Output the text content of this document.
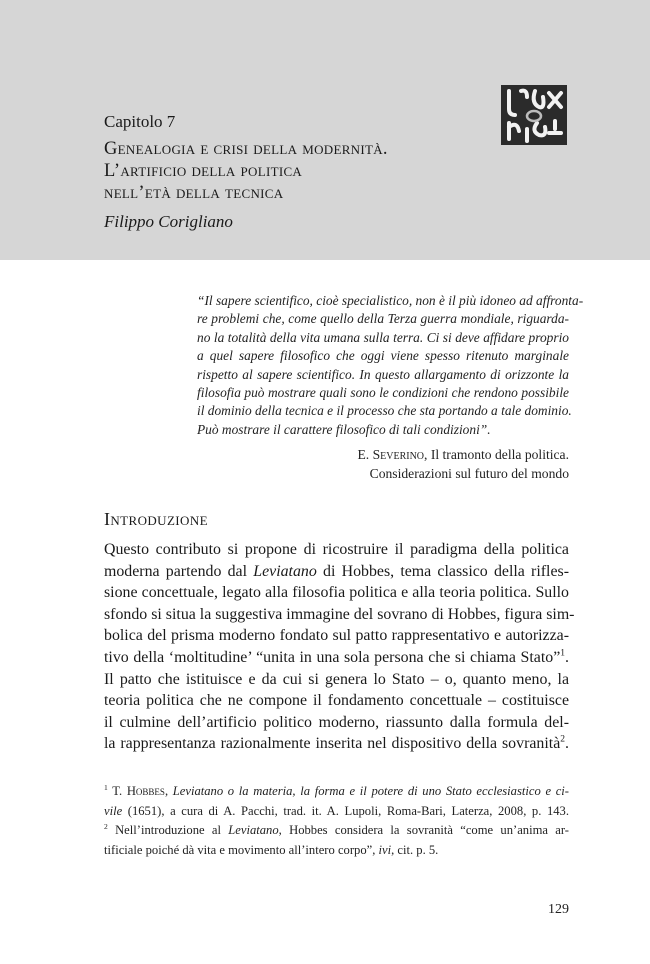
Capitolo 7
Genealogia e crisi della modernità.
L’artificio della politica
nell’età della tecnica
Filippo Corigliano
“Il sapere scientifico, cioè specialistico, non è il più idoneo ad affronta-
re problemi che, come quello della Terza guerra mondiale, riguarda-
no la totalità della vita umana sulla terra. Ci si deve affidare proprio
a quel sapere filosofico che oggi viene spesso ritenuto marginale
rispetto al sapere scientifico. In questo allargamento di orizzonte la
filosofia può mostrare quali sono le condizioni che rendono possibile
il dominio della tecnica e il processo che sta portando a tale dominio.
Può mostrare il carattere filosofico di tali condizioni”.
E. Severino, Il tramonto della politica.
Considerazioni sul futuro del mondo
Introduzione
Questo contributo si propone di ricostruire il paradigma della politica
moderna partendo dal Leviatano di Hobbes, tema classico della rifles-
sione concettuale, legato alla filosofia politica e alla teoria politica. Sullo
sfondo si situa la suggestiva immagine del sovrano di Hobbes, figura sim-
bolica del prisma moderno fondato sul patto rappresentativo e autorizza-
tivo della ‘moltitudine’ “unita in una sola persona che si chiama Stato”$^1$.
Il patto che istituisce e da cui si genera lo Stato – o, quanto meno, la
teoria politica che ne compone il fondamento concettuale – costituisce
il culmine dell’artificio politico moderno, riassunto dalla formula del-
la rappresentanza razionalmente inserita nel dispositivo della sovranità$^2$.
$^1$ T. Hobbes, Leviatano o la materia, la forma e il potere di uno Stato ecclesiastico e ci-
vile (1651), a cura di A. Pacchi, trad. it. A. Lupoli, Roma-Bari, Laterza, 2008, p. 143.
$^2$ Nell’introduzione al Leviatano, Hobbes considera la sovranità “come un’anima ar-
tificiale poiché dà vita e movimento all’intero corpo”, ivi, cit. p. 5.
129
